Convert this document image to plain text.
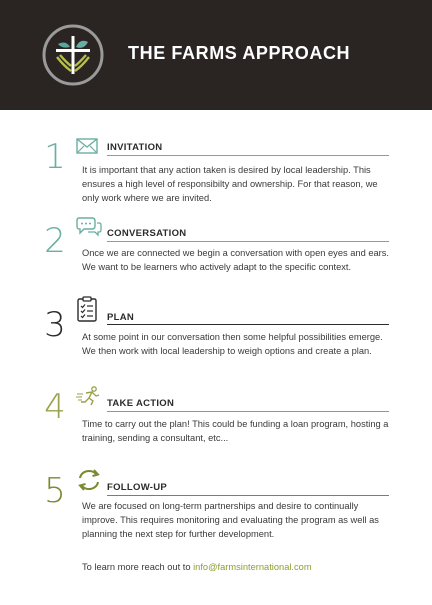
THE FARMS APPROACH
1	INVITATION
It is important that any action taken is desired by local leadership. This ensures a high level of responsibilty and ownership. For that reason, we only work where we are invited.
2	CONVERSATION
Once we are connected we begin a conversation with open eyes and ears. We want to be learners who actively adapt to the specific context.
3	PLAN
At some point in our conversation then some helpful possibilities emerge. We then work with local leadership to weigh options and create a plan.
4	TAKE ACTION
Time to carry out the plan! This could be funding a loan program, hosting a training, sending a consultant, etc...
5	FOLLOW-UP
We are focused on long-term partnerships and desire to continually improve. This requires monitoring and evaluating the program as well as planning the next step for further development.
To learn more reach out to info@farmsinternational.com
